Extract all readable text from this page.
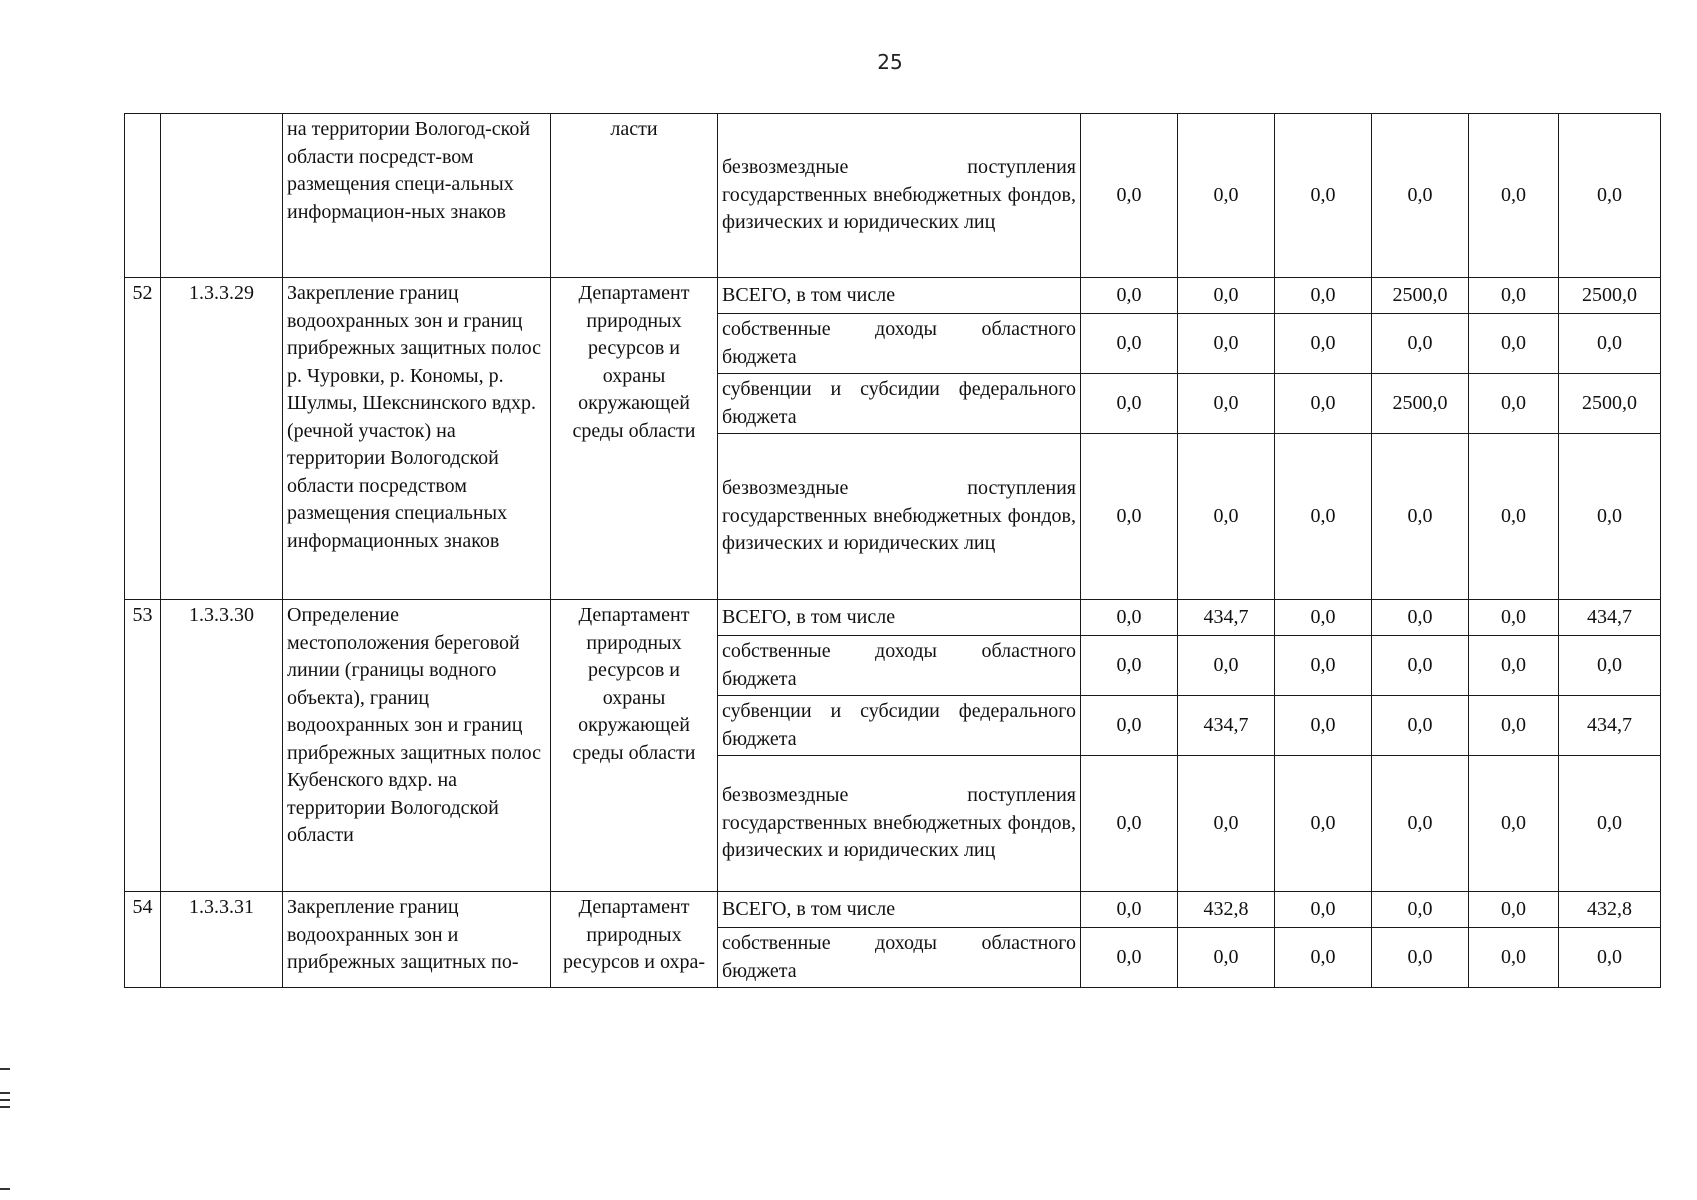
25
		на территории Вологод-ской области посредст-вом размещения специ-альных информацион-ных знаков	ласти	безвозмездные поступления государственных внебюджетных фондов, физических и юридических лиц	0,0	0,0	0,0	0,0	0,0	0,0
52	1.3.3.29	Закрепление границ водоохранных зон и границ прибрежных защитных полос р. Чуровки, р. Кономы, р. Шулмы, Шекснинского вдхр. (речной участок) на территории Вологодской области посредством размещения специальных информационных знаков	Департамент природных ресурсов и охраны окружающей среды области	ВСЕГО, в том числе	0,0	0,0	0,0	2500,0	0,0	2500,0
				собственные доходы областного бюджета	0,0	0,0	0,0	0,0	0,0	0,0
				субвенции и субсидии федерального бюджета	0,0	0,0	0,0	2500,0	0,0	2500,0
				безвозмездные поступления государственных внебюджетных фондов, физических и юридических лиц	0,0	0,0	0,0	0,0	0,0	0,0
53	1.3.3.30	Определение местоположения береговой линии (границы водного объекта), границ водоохранных зон и границ прибрежных защитных полос Кубенского вдхр. на территории Вологодской области	Департамент природных ресурсов и охраны окружающей среды области	ВСЕГО, в том числе	0,0	434,7	0,0	0,0	0,0	434,7
				собственные доходы областного бюджета	0,0	0,0	0,0	0,0	0,0	0,0
				субвенции и субсидии федерального бюджета	0,0	434,7	0,0	0,0	0,0	434,7
				безвозмездные поступления государственных внебюджетных фондов, физических и юридических лиц	0,0	0,0	0,0	0,0	0,0	0,0
54	1.3.3.31	Закрепление границ водоохранных зон и прибрежных защитных по-	Департамент природных ресурсов и охра-	ВСЕГО, в том числе	0,0	432,8	0,0	0,0	0,0	432,8
				собственные доходы областного бюджета	0,0	0,0	0,0	0,0	0,0	0,0
